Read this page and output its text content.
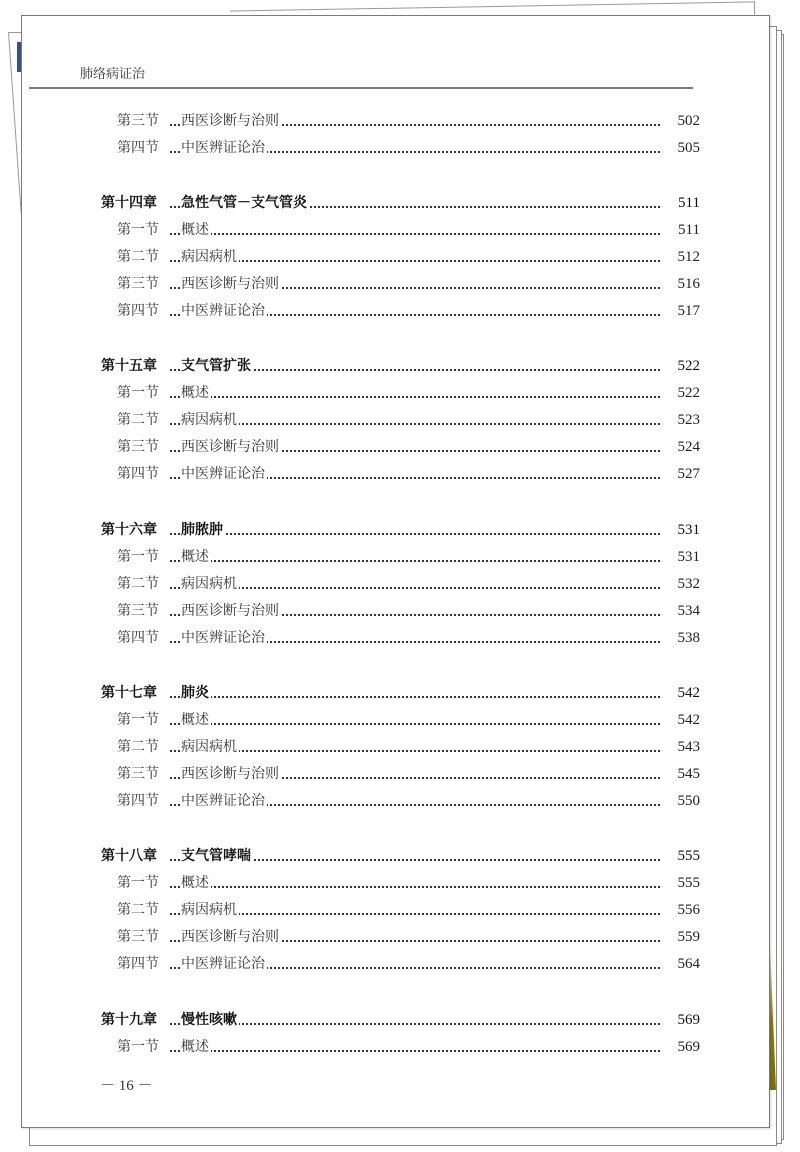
肺络病证治
第三节 西医诊断与治则	502
第四节 中医辨证论治	505
第十四章 急性气管－支气管炎	511
第一节 概述	511
第二节 病因病机	512
第三节 西医诊断与治则	516
第四节 中医辨证论治	517
第十五章 支气管扩张	522
第一节 概述	522
第二节 病因病机	523
第三节 西医诊断与治则	524
第四节 中医辨证论治	527
第十六章 肺脓肿	531
第一节 概述	531
第二节 病因病机	532
第三节 西医诊断与治则	534
第四节 中医辨证论治	538
第十七章 肺炎	542
第一节 概述	542
第二节 病因病机	543
第三节 西医诊断与治则	545
第四节 中医辨证论治	550
第十八章 支气管哮喘	555
第一节 概述	555
第二节 病因病机	556
第三节 西医诊断与治则	559
第四节 中医辨证论治	564
第十九章 慢性咳嗽	569
第一节 概述	569
－ 16 －
